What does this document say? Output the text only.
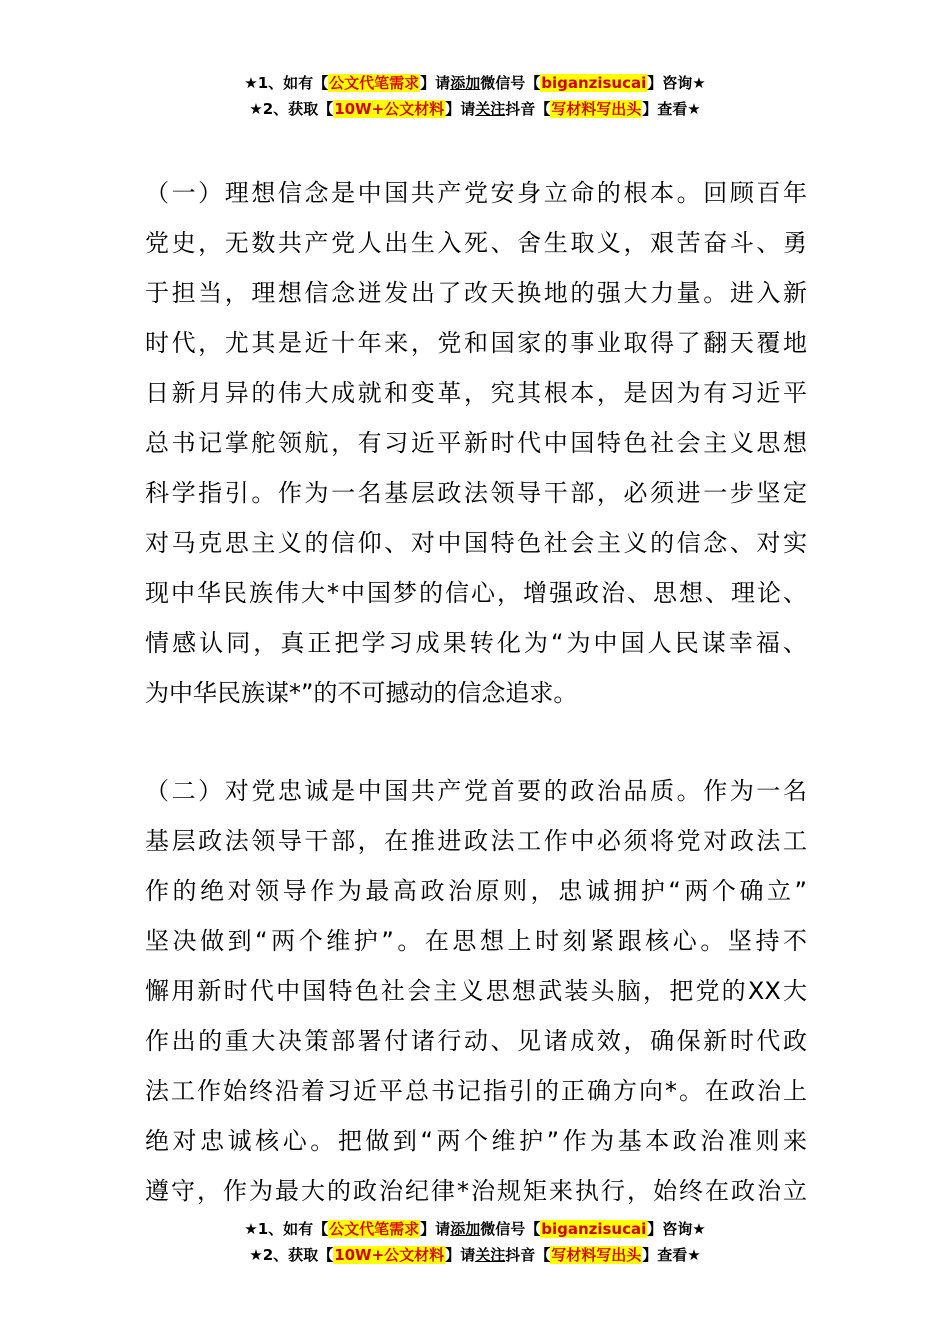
★1、如有【公文代笔需求】请添加微信号【biganzisucai】咨询★
★2、获取【10W+公文材料】请关注抖音【写材料写出头】查看★
（一）理想信念是中国共产党安身立命的根本。回顾百年
党史，无数共产党人出生入死、舍生取义，艰苦奋斗、勇
于担当，理想信念迸发出了改天换地的强大力量。进入新
时代，尤其是近十年来，党和国家的事业取得了翻天覆地
日新月异的伟大成就和变革，究其根本，是因为有习近平
总书记掌舵领航，有习近平新时代中国特色社会主义思想
科学指引。作为一名基层政法领导干部，必须进一步坚定
对马克思主义的信仰、对中国特色社会主义的信念、对实
现中华民族伟大*中国梦的信心，增强政治、思想、理论、
情感认同，真正把学习成果转化为“为中国人民谋幸福、
为中华民族谋*”的不可撼动的信念追求。
（二）对党忠诚是中国共产党首要的政治品质。作为一名
基层政法领导干部，在推进政法工作中必须将党对政法工
作的绝对领导作为最高政治原则，忠诚拥护“两个确立”
坚决做到“两个维护”。在思想上时刻紧跟核心。坚持不
懈用新时代中国特色社会主义思想武装头脑，把党的XX大
作出的重大决策部署付诸行动、见诸成效，确保新时代政
法工作始终沿着习近平总书记指引的正确方向*。在政治上
绝对忠诚核心。把做到“两个维护”作为基本政治准则来
遵守，作为最大的政治纪律*治规矩来执行，始终在政治立
★1、如有【公文代笔需求】请添加微信号【biganzisucai】咨询★
★2、获取【10W+公文材料】请关注抖音【写材料写出头】查看★
